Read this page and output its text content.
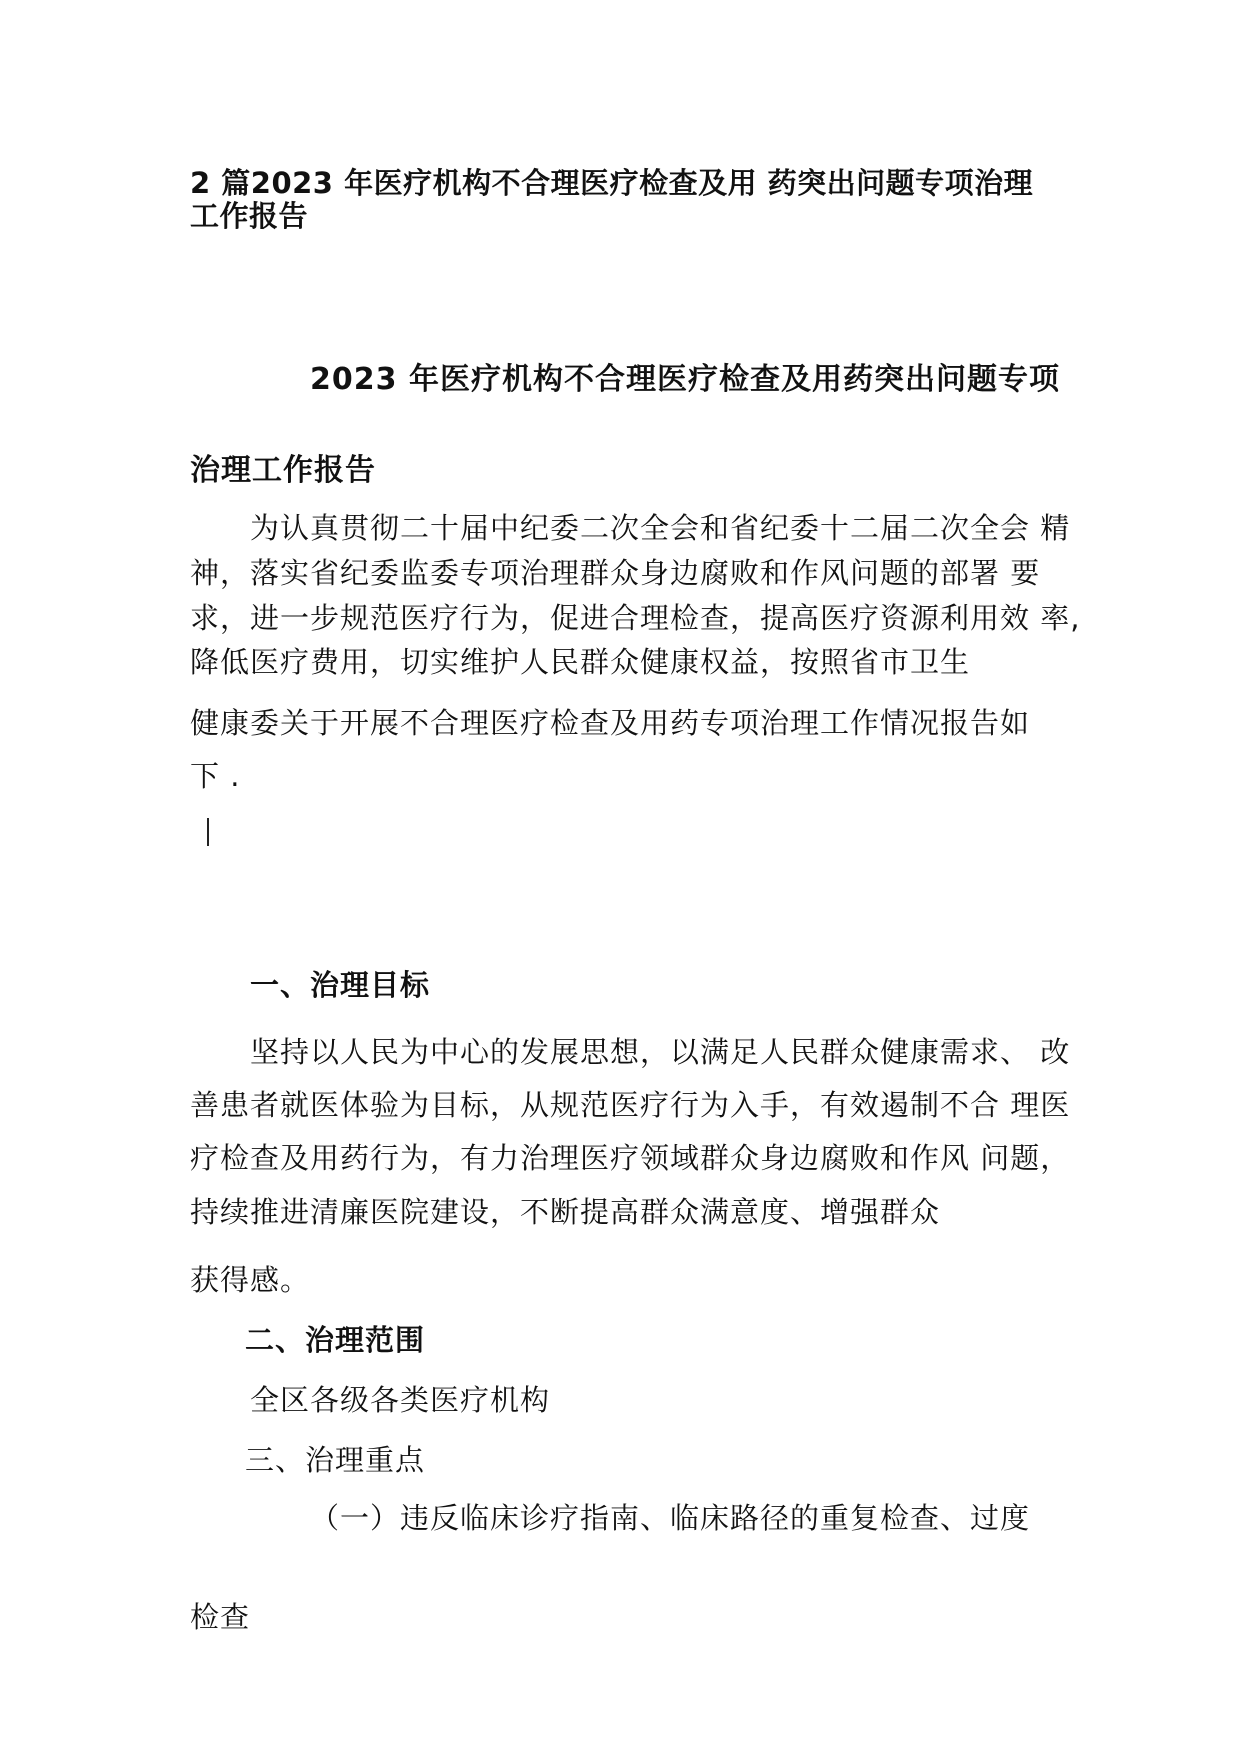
2 篇2023 年医疗机构不合理医疗检查及用 药突出问题专项治理

工作报告

2023 年医疗机构不合理医疗检查及用药突出问题专项

治理工作报告

为认真贯彻二十届中纪委二次全会和省纪委十二届二次全会 精

神，落实省纪委监委专项治理群众身边腐败和作风问题的部署 要

求，进一步规范医疗行为，促进合理检查，提高医疗资源利用效 率,

降低医疗费用，切实维护人民群众健康权益，按照省市卫生

健康委关于开展不合理医疗检查及用药专项治理工作情况报告如

下 .

一、治理目标

坚持以人民为中心的发展思想，以满足人民群众健康需求、 改

善患者就医体验为目标，从规范医疗行为入手，有效遏制不合 理医

疗检查及用药行为，有力治理医疗领域群众身边腐败和作风 问题，

持续推进清廉医院建设，不断提高群众满意度、增强群众

获得感。

二、治理范围

全区各级各类医疗机构

三、治理重点

（一）违反临床诊疗指南、临床路径的重复检查、过度

检查
